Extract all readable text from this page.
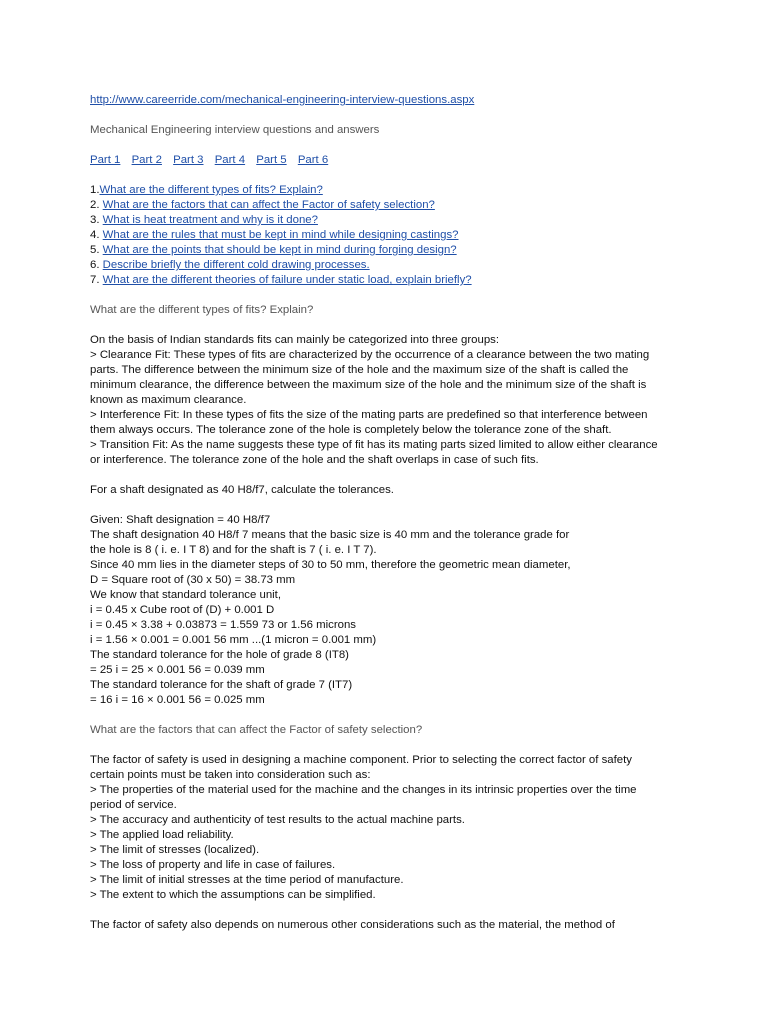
http://www.careerride.com/mechanical-engineering-interview-questions.aspx
Mechanical Engineering interview questions and answers
Part 1 Part 2 Part 3 Part 4 Part 5 Part 6
1.What are the different types of fits? Explain?
2. What are the factors that can affect the Factor of safety selection?
3. What is heat treatment and why is it done?
4. What are the rules that must be kept in mind while designing castings?
5. What are the points that should be kept in mind during forging design?
6. Describe briefly the different cold drawing processes.
7. What are the different theories of failure under static load, explain briefly?
What are the different types of fits? Explain?
On the basis of Indian standards fits can mainly be categorized into three groups:
> Clearance Fit: These types of fits are characterized by the occurrence of a clearance between the two mating
parts. The difference between the minimum size of the hole and the maximum size of the shaft is called the
minimum clearance, the difference between the maximum size of the hole and the minimum size of the shaft is
known as maximum clearance.
> Interference Fit: In these types of fits the size of the mating parts are predefined so that interference between
them always occurs. The tolerance zone of the hole is completely below the tolerance zone of the shaft.
> Transition Fit: As the name suggests these type of fit has its mating parts sized limited to allow either clearance
or interference. The tolerance zone of the hole and the shaft overlaps in case of such fits.
For a shaft designated as 40 H8/f7, calculate the tolerances.
Given: Shaft designation = 40 H8/f7
The shaft designation 40 H8/f 7 means that the basic size is 40 mm and the tolerance grade for
the hole is 8 ( i. e. I T 8) and for the shaft is 7 ( i. e. I T 7).
Since 40 mm lies in the diameter steps of 30 to 50 mm, therefore the geometric mean diameter,
D = Square root of (30 x 50) = 38.73 mm
We know that standard tolerance unit,
i = 0.45 x Cube root of (D) + 0.001 D
i = 0.45 × 3.38 + 0.03873 = 1.559 73 or 1.56 microns
i = 1.56 × 0.001 = 0.001 56 mm ...(1 micron = 0.001 mm)
The standard tolerance for the hole of grade 8 (IT8)
= 25 i = 25 × 0.001 56 = 0.039 mm
The standard tolerance for the shaft of grade 7 (IT7)
= 16 i = 16 × 0.001 56 = 0.025 mm
What are the factors that can affect the Factor of safety selection?
The factor of safety is used in designing a machine component. Prior to selecting the correct factor of safety
certain points must be taken into consideration such as:
> The properties of the material used for the machine and the changes in its intrinsic properties over the time
period of service.
> The accuracy and authenticity of test results to the actual machine parts.
> The applied load reliability.
> The limit of stresses (localized).
> The loss of property and life in case of failures.
> The limit of initial stresses at the time period of manufacture.
> The extent to which the assumptions can be simplified.
The factor of safety also depends on numerous other considerations such as the material, the method of
